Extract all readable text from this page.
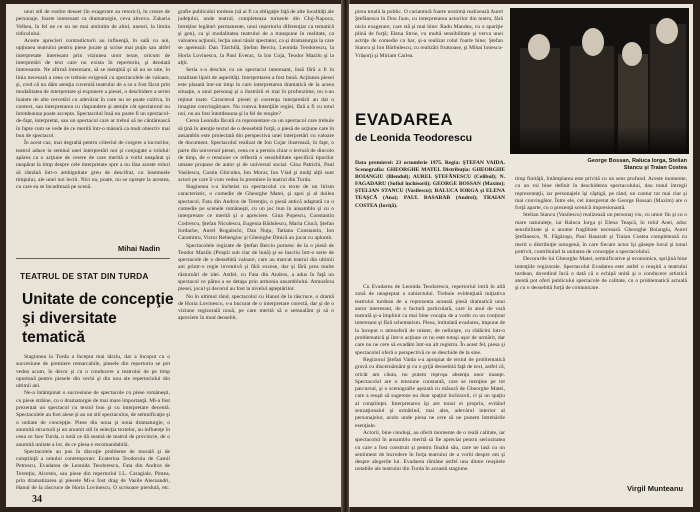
unui stil de rostire desuet (în exagerare au retorici), în creare de personaje, foarte interesant ca dramaturgie, ceva altceva. Zaharia Velbea, în fel ne ce nu ne mai amintim de altul, uneori, la limita ridicolului.

Aceste aprecieri contradictorii au influenţă, în sală cu noi, opţiunea teatrului pentru piese jucate şi scrise mai puţin sau altfel interpretate interesant prin viziunea unor texte, oricum de interpretări de text care nu exista în repertoriu, şi deodată interesante. Ne afirmă interesant, să se menţină şi să nu se uite, în linia necesară a ceea ce trebuie exigentă cu spectacolele de valoare, şi, cred că nu dăm atenţia cuvenită teatrului de a ce a fost făcut prin modalitatea de interpretare şi expunere a piesei, o deschidere a seriei înainte de alte cercetări cu adevărat în care nu se poate cultiva, în context, sau interpretarea cu răspundere şi atenţie cât spectatorul nu întotdeauna poate accepta. Spectacolul însă nu poate fi un spectacol-de-fapt, interpretat, sau un spectacol care ar trebui să ne cântărească în fapte cum se vede de ce merită într-o măsură ca mult obiectiv mai bun de spectacol.

În acest caz, mai degrabă pentru criteriul de curgere a lucrurilor, teatrul aduce la semnul unei interpretări noi şi conjugate a rolului: apărea ca o acţiune de cerere de care merită a vorbi neapărat şi neapărat la timp despre cele interpretate spre a nu lăsa aceste roluri să rămână într-o ambiguitate greu de descifrat, cu însemnele timpului, ale unei noi lectii. Nici ea, poate, nu se opreşte la acestea, cu care ea se încadrează pe scenă.

Mihai Nadin
TEATRUL DE STAT DIN TURDA
Unitate de concepţie
şi diversitate
tematică

Stagiunea la Turda a început mai târziu, dar a încoput cu o succesiune de premiere remarcabile, piesele din repertoriu se pot vedea acum, în decor şi cu o conducere a teatrului de pe timp oportună pentru piesele din vechi şi din nou ale repertoriului din ultimii ani.

Ne-a întâmpinat o succesiune de spectacole cu piese româneşti, cu piese străine, cu o dramaturgie de mai mare importanţă. Mi-a fost prezentat un spectacol cu textul bun şi cu interpretare decentă. Spectacolele au fost alese şi au un stil spectaculos, de semnificaţie şi o unitate de concepţie. Piese din noua şi noua dramaturgie, o anumită structură şi un anumit stil în selecţia textelor, au influenţe în ceea ce face Turda, o notă ce dă seamă de teatrul de provincie, de o anumită unitate a lor, de ce piesa e recomandabilă.

Spectacolele au pus în discuţie probleme de morală şi de conştiinţă a omului contemporan: Ecaterina Teodoroiu de Camil Petrescu, Evadarea de Leonida Teodorescu, Fata din Andros de Terenţiu, Alcestis, sau piese din repertoriul I.L. Caragiale, Pintea, prin dramatizarea şi piesele Mi-a fost drag de Vasile Alecsandri, Hanul de la răscruce de Horia Lovinescu, O scrisoare pierdută, etc.

grafie publicului tordean (să ai fi ca obligaţie faţă de alte localităţi ale judeţului, unde teatrul, completeaza turneele din Cluj-Napoca, întreţine legături permanente, unui repertoriu diferenţiat ca tematică şi gen), ca şi modalitatea teatrului de a transpune în realitate, ca valoarea acţiunii, lecţia unui tânăr spectator, ca şi dramaturgia la care se apelează: Dan Tărchilă, Ştefan Berciu, Leonida Teodorescu, la Horia Lovinescu, la Paul Everac, la Ion Coja, Teodor Mazilu şi la alţii.

Seria s-a deschis cu un spectacol interesant, însă fără a fi în totalitate lipsit de asperităţi. Interpretarea a fost bună. Acţiunea piesei este plasată într-un timp în care interpretarea dramatică de la aceea situaţie, a unui personaj şi a ilustrării ei mai în profunzime, nu s-au reţinut toate. Caracterul piesei şi coerenţa interpretării au dat o imagine convingătoare. Nu cumva Intenţiile regiei, fără a fi cu totul noi, nu au fost întotdeauna şi la fel de reuşite?

Cerea Leonida făcută ca reprezentare cu un spectacol care trebuie să ţină în atenţie textul de o deosebită forţă, o piesă de acţiune care în ansamblu este proiectată din perspectiva unei interpretări cu valoare de document. Spectacolul realizat de Ion Cojar ilustrează, în fapt, o parte din universul piesei, ceea ce a permis chiar o lectură de dincolo de timp, de o tensiune ce reflectă o sensibilitate specifică tipurilor umane propuse de autor şi de universul social. Gina Patrichi, Paul Vasilescu, Costin Ghiculea, Ion Morar, Ion Vlad şi mulţi alţii sunt actori pe care îi vom vedea în premiere în teatrul din Turda.

Stagiunea s-a încheiat cu spectacolul cu texte de un lirism caracteristic, o comedie de Gheorghe Matei, şi apoi şi al doilea spectacol, Fata din Andros de Terenţiu, o piesă antică adaptată ca o comedie pe scenele româneşti, cu un joc bun în ansamblu şi cu o interpretare ce merită şi o apreciere. Gina Popescu, Constantin Codrescu, Ştefan Niculescu, Eugenia Bădulescu, Maria Ciucă, Ştefan Iordache, Aurel Rogalschi, Dan Nuţu, Tatiana Constantin, Ion Caramitru, Victor Rebengiuc şi Gheorghe Dinică au jucat cu aplomb.

Spectacolele regizate de Ştefan Berciu pornesc de la o piesă de Teodor Mazilu (Proştii sub clar de lună) şi se înscriu într-o serie de spectacole de o deosebită valoare, care au marcat teatrul din ultimii ani printr-o regie inventivă şi fără excese, dar şi fără prea multe răsturnări de idei. Astfel, cu Fata din Andros, a adus în faţă un spectacol ce părea a se detaşa prin armonia ansamblului. Atmosfera piesei, jocul şi decorul au fost la nivelul aşteptărilor.

Nu în ultimul rând, spectacolul cu Hanul de la răscruce, o dramă de Horia Lovinescu, s-a bucurat de o interpretare corectă, dar şi de o viziune regizorală nouă, pe care merită să o semnalăm şi să o apreciem în mod deosebit.

34

pirea totală la public. O cariantură foarte nostimă realizează Aurel Ştefănescu în Don Juan, cu interpretarea actorilor din teatru, fără nicio exagerare, care stă şi mai bine: Radu Mandea, cu o apariţie plină de forţă; Elena Stroe, cu multă sensibilitate şi verva unei actriţe de comedie cu har, şi-a realizat rolul foarte bine; Ştefan Stancu şi Ion Bărbulescu, cu realizări frumoase, şi Mihai Ionescu-Vrăşorţi şi Miriam Carlea.

EVADAREA
de Leonida Teodorescu
Data premierei: 23 octombrie 1975. Regia: ŞTEFAN VAIDA. Scenografia: GHEORGHE MATEI. Distribuţia: GHEORGHE BOIANGIU (Blendul); AUREL ŞTEFĂNESCU (Celibul); N. FAGADARU (Sofiul închisorii); GEORGE BOSSAN (Maxim); ŞTELIAN STANCU (Vasilescu); RALUCA IORGA şi ELENA TEAŞCĂ (Ana); PAUL BASARAB (Andrei); TRAIAN COSTEA (Ioviţă).
George Bossan, Raluca Iorga, Stelian
Stancu şi Traian Costea

Cu Evadarea de Leonida Teodorescu, repertoriul intră în altă zonă de neaşteptat a subiectului. Trebuie evidenţiată iniţiativa teatrului turdean de a reprezenta această piesă dramatică unui autor interesant, de o factură particulară, care în anul de vară teatrală şi-a împlinit ca mai bine vocaţia de a vorbi cu un conţinut interesant şi fără schematism. Piesa, intitulată evadarea, impune de la început o atmosferă de mister, de nelinişte, cu rădăcini într-o problematică şi într-o acţiune ce nu este totuşi uşor de urmărit, dar care nu ne cere să evadăm într-un alt registru. În acest fel, piesa şi spectacolul oferă o perspectivă ce se deschide de la sine.

Regizorul Ştefan Vaida s-a apropiat de textul de problematică gravă cu discernământ şi cu o grijă deosebită faţă de text, astfel că, oricât am căuta, nu putem reproşa absenţa unor nuanţe. Spectacolul are o tensiune constantă, care se menţine pe tot parcursul, şi o scenografie aşezată cu măsură de Gheorghe Matei, care a reuşit să sugereze nu doar spaţiul închisorii, ci şi un spaţiu al conştiinţei. Interpretarea îşi are tonul ei propriu, evitând senzaţionalul şi urmărind, mai ales, adevărul interior al personajelor, acolo unde piesa ne cere să ne punem întrebările esenţiale.

Actorii, bine conduşi, au oferit momente de o reală calitate, iar spectacolul în ansamblu merită să fie apreciat pentru seriozitatea cu care a fost construit şi pentru finalul său, care ne lasă cu un sentiment de încredere în forţa teatrului de a vorbi despre om şi despre alegerile lui. Evadarea rămâne astfel una dintre reuşitele notabile ale teatrului din Turda în această stagiune.

timp finităţii, întâmplarea este privită cu un sens profund. Aceste momente, cu un rol bine definit în deschiderea spectacolului, dau tonul întregii reprezentaţii, iar personajele îşi câştigă, pe rând, un contur tot mai clar şi mai convingător. Între ele, cel interpretat de George Bossan (Maxim) are o forţă aparte, cu o prezenţă scenică impresionantă.

Stelian Stancu (Vasilescu) realizează un personaj viu, cu umor fin şi cu o mare naturaleţe, iar Raluca Iorga şi Elena Teaşcă, în rolul Anei, aduc sensibilitate şi o anume fragilitate necesară. Gheorghe Boiangiu, Aurel Ştefănescu, N. Făgăraşu, Paul Basarab şi Traian Costea completează cu merit o distribuţie omogenă, în care fiecare actor îşi găseşte locul şi tonul potrivit, contribuind la unitatea de concepţie a spectacolului.

Decorurile lui Gheorghe Matei, semnificative şi economice, sprijină bine intenţiile regizorale. Spectacolul Evadarea este astfel o reuşită a teatrului turdean, dovedind încă o dată că o echipă unită şi o conducere artistică atentă pot oferi publicului spectacole de calitate, cu o problematică actuală şi cu o deosebită forţă de comunicare.

Virgil Munteanu
